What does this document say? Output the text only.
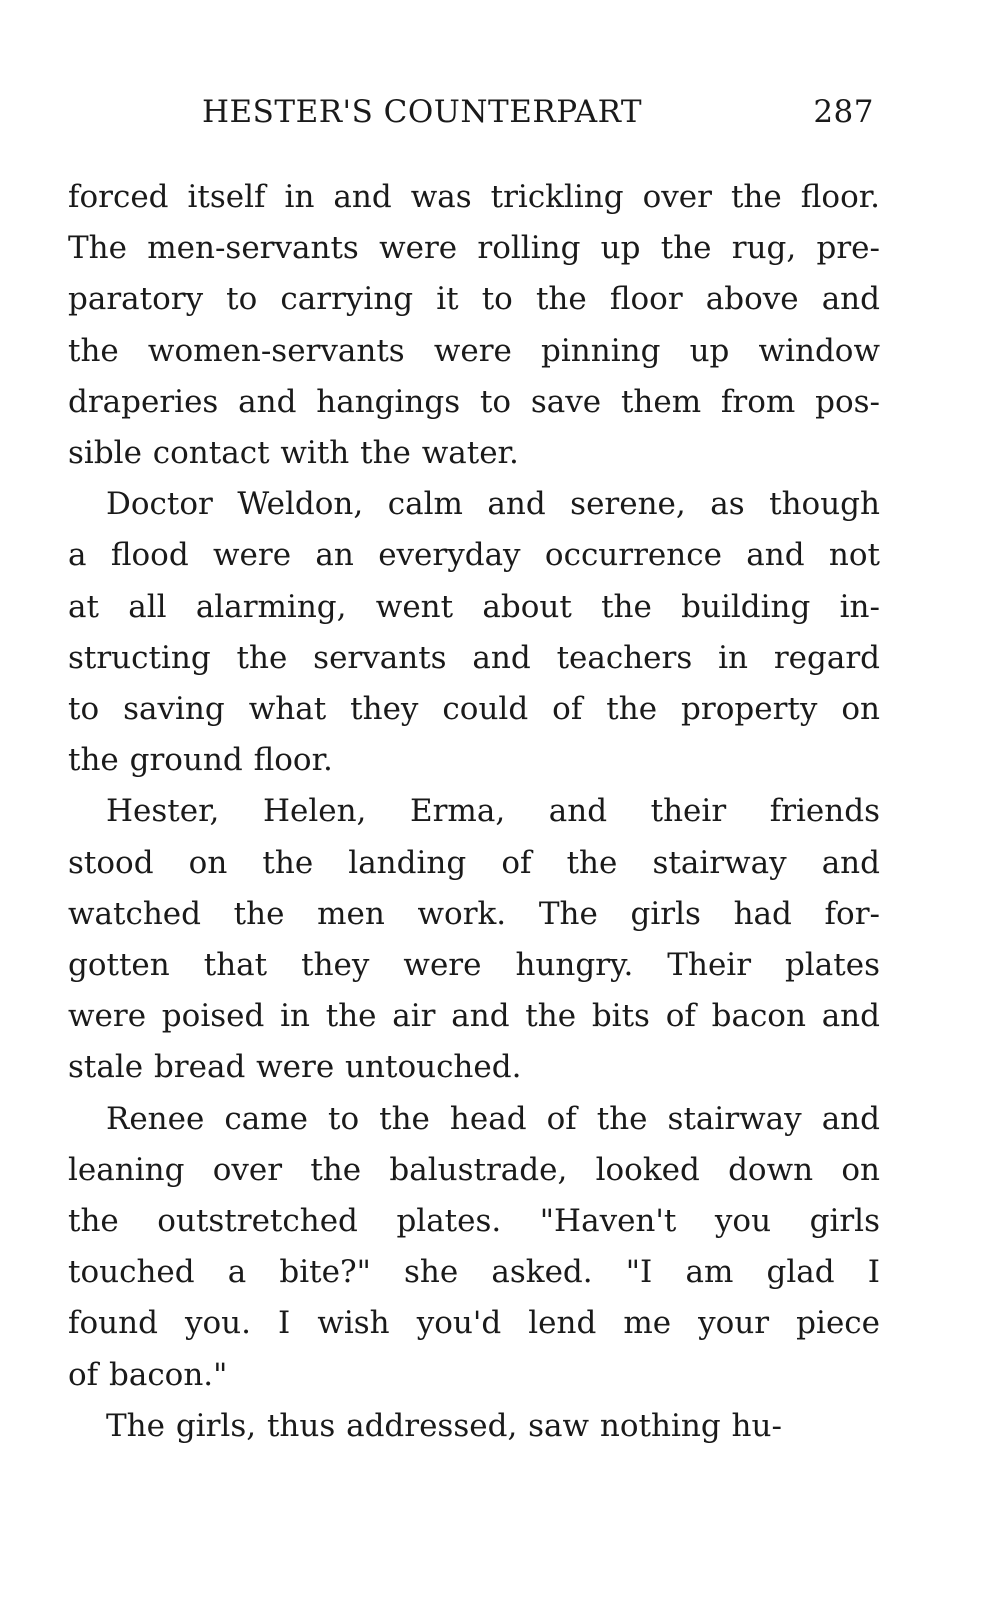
HESTER'S COUNTERPART	287

forced itself in and was trickling over the floor.

The men-servants were rolling up the rug, pre-

paratory to carrying it to the floor above and

the women-servants were pinning up window

draperies and hangings to save them from pos-

sible contact with the water.

Doctor Weldon, calm and serene, as though

a flood were an everyday occurrence and not

at all alarming, went about the building in-

structing the servants and teachers in regard

to saving what they could of the property on

the ground floor.

Hester, Helen, Erma, and their friends

stood on the landing of the stairway and

watched the men work. The girls had for-

gotten that they were hungry. Their plates

were poised in the air and the bits of bacon and

stale bread were untouched.

Renee came to the head of the stairway and

leaning over the balustrade, looked down on

the outstretched plates. "Haven't you girls

touched a bite?" she asked. "I am glad I

found you. I wish you'd lend me your piece

of bacon."

The girls, thus addressed, saw nothing hu-
